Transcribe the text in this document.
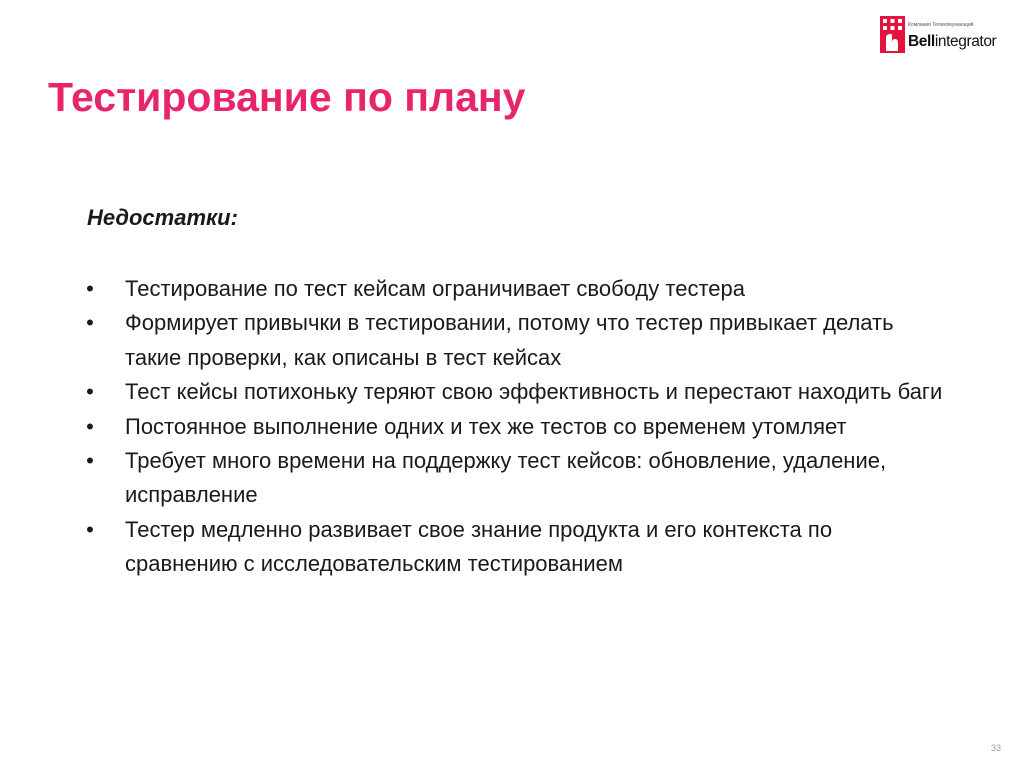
Компания Телекомуникаций
Bellintegrator
Тестирование по плану
Недостатки:
• Тестирование по тест кейсам ограничивает свободу тестера
• Формирует привычки в тестировании, потому что тестер привыкает делать такие проверки, как описаны в тест кейсах
• Тест кейсы потихоньку теряют свою эффективность и перестают находить баги
• Постоянное выполнение одних и тех же тестов со временем утомляет
• Требует много времени на поддержку тест кейсов: обновление, удаление, исправление
• Тестер медленно развивает свое знание продукта и его контекста по сравнению с исследовательским тестированием
33
